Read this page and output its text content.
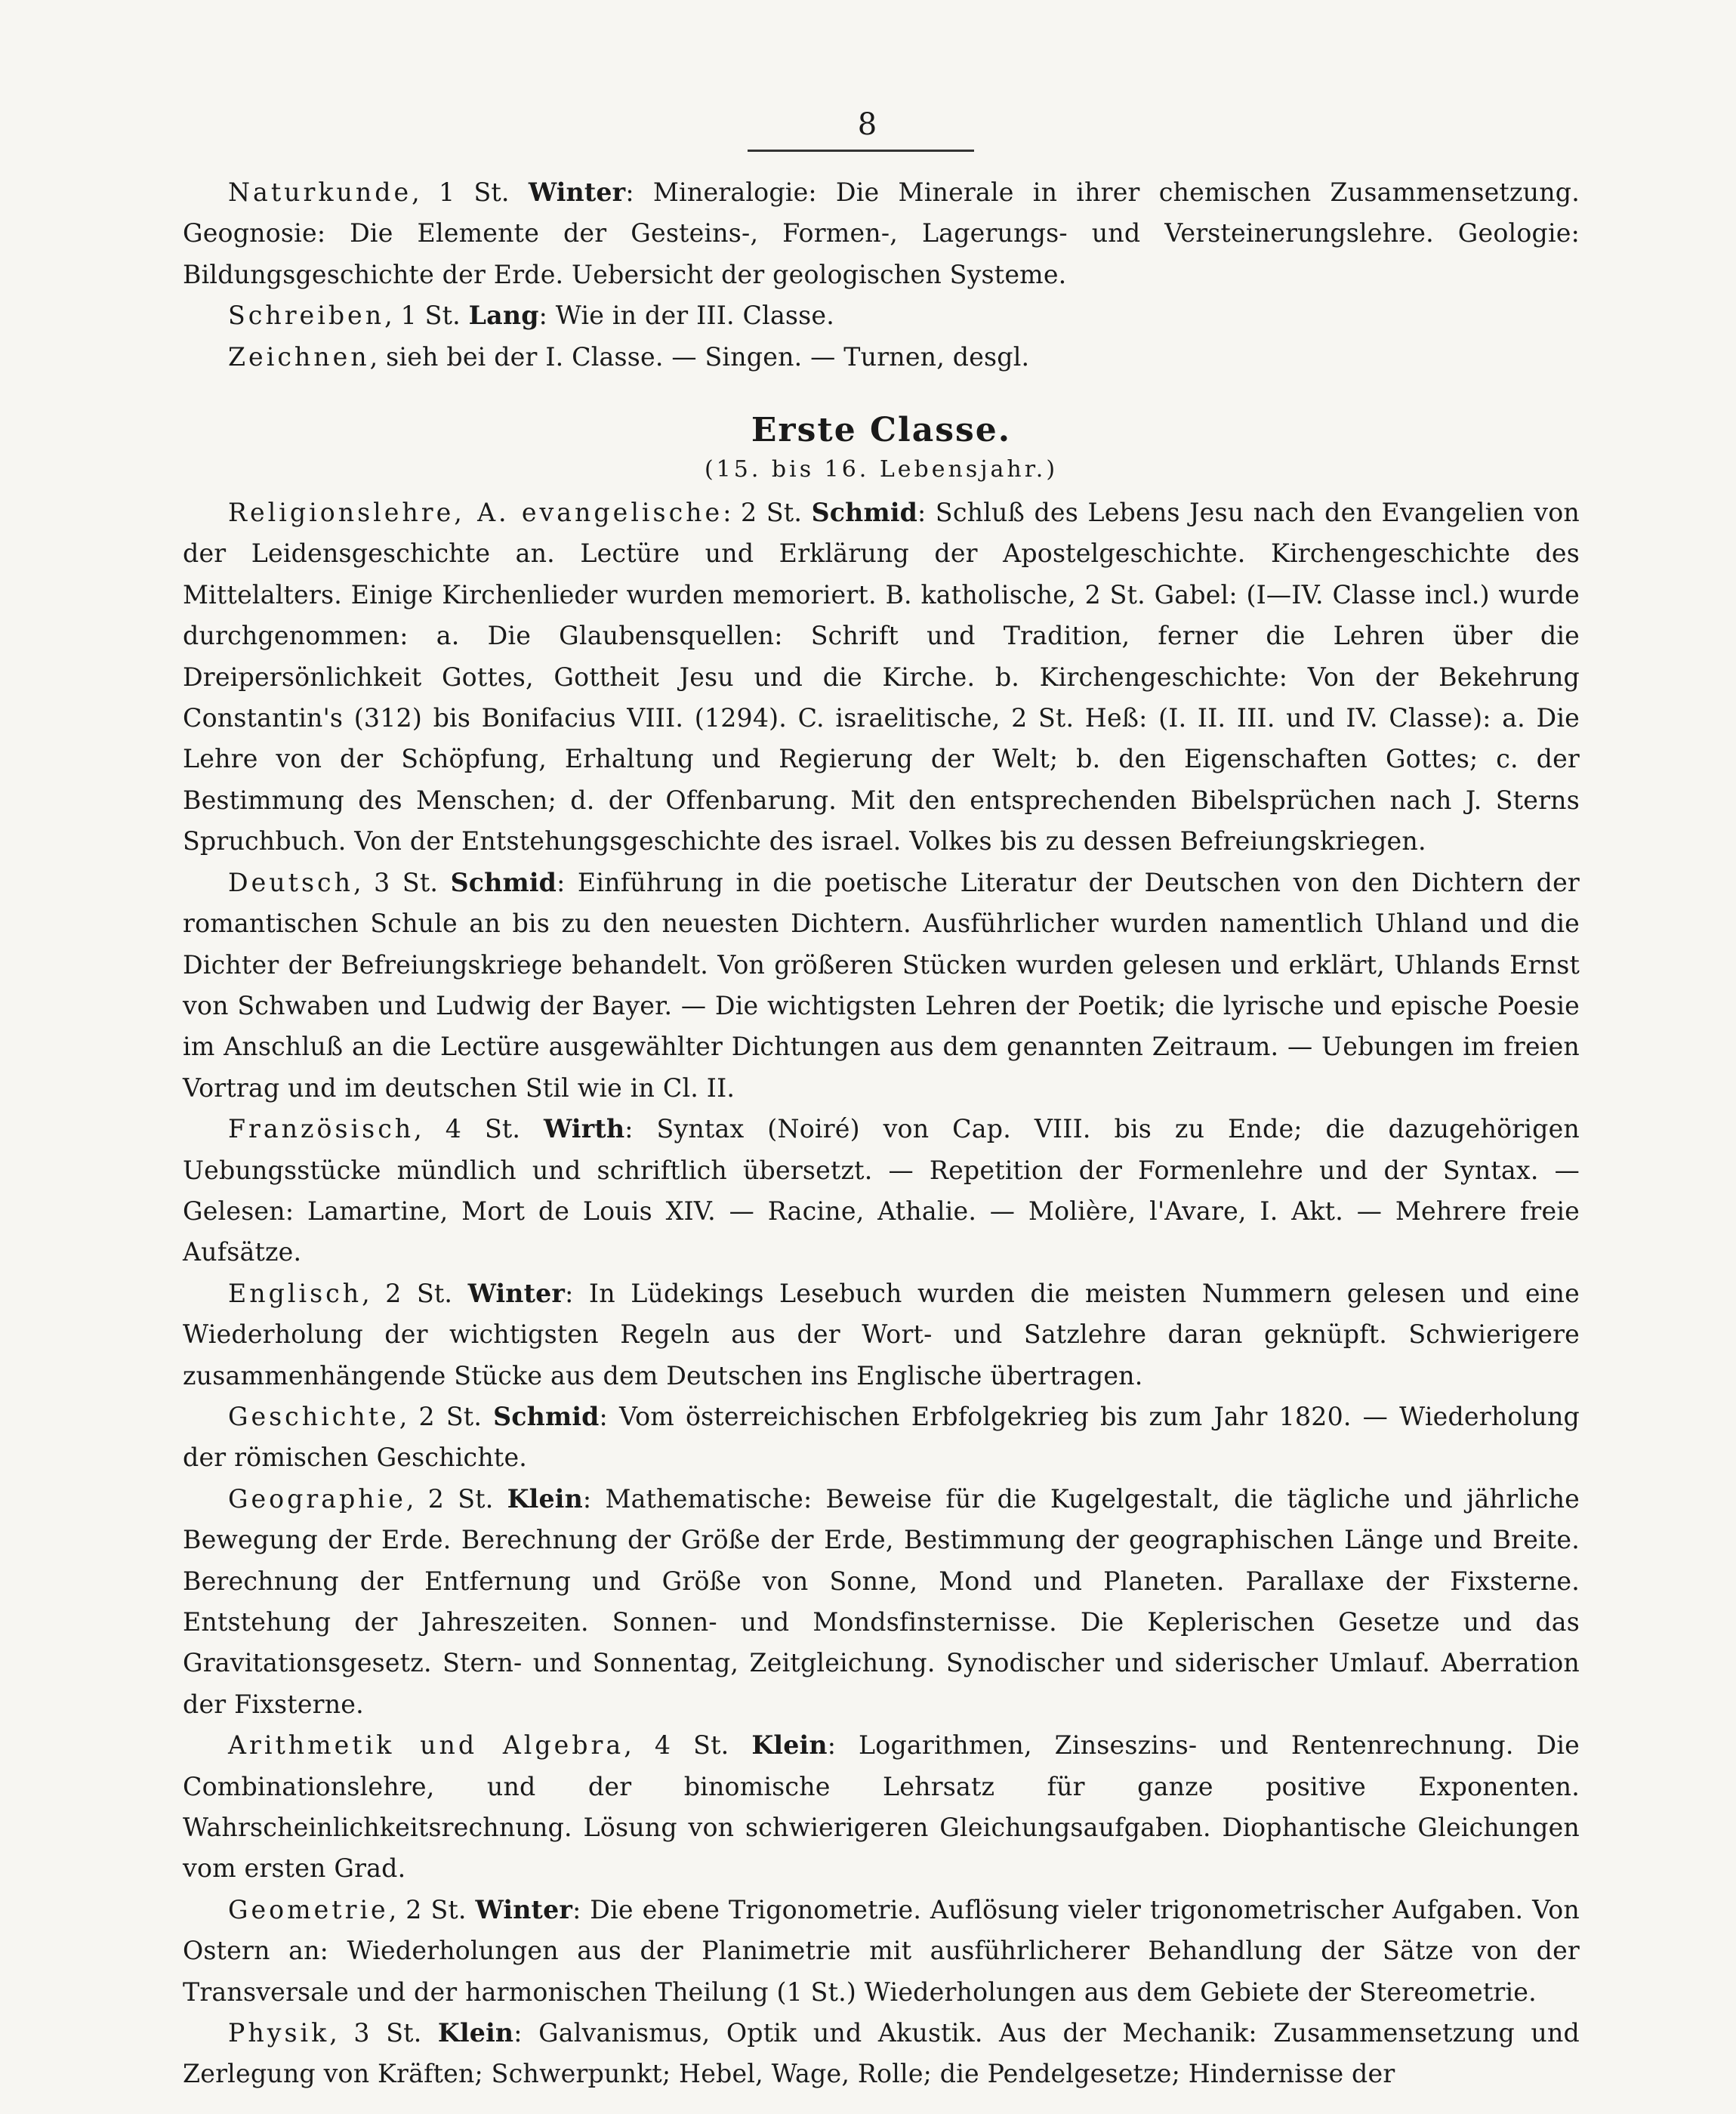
8

Naturkunde, 1 St. Winter: Mineralogie: Die Minerale in ihrer chemischen Zusammensetzung. Geognosie: Die Elemente der Gesteins-, Formen-, Lagerungs- und Versteinerungslehre. Geologie: Bildungsgeschichte der Erde. Uebersicht der geologischen Systeme.

Schreiben, 1 St. Lang: Wie in der III. Classe.

Zeichnen, sieh bei der I. Classe. — Singen. — Turnen, desgl.

Erste Classe.
(15. bis 16. Lebensjahr.)

Religionslehre, A. evangelische: 2 St. Schmid: Schluß des Lebens Jesu nach den Evangelien von der Leidensgeschichte an. Lectüre und Erklärung der Apostelgeschichte. Kirchengeschichte des Mittelalters. Einige Kirchenlieder wurden memoriert. B. katholische, 2 St. Gabel: (I—IV. Classe incl.) wurde durchgenommen: a. Die Glaubensquellen: Schrift und Tradition, ferner die Lehren über die Dreipersönlichkeit Gottes, Gottheit Jesu und die Kirche. b. Kirchengeschichte: Von der Bekehrung Constantin's (312) bis Bonifacius VIII. (1294). C. israelitische, 2 St. Heß: (I. II. III. und IV. Classe): a. Die Lehre von der Schöpfung, Erhaltung und Regierung der Welt; b. den Eigenschaften Gottes; c. der Bestimmung des Menschen; d. der Offenbarung. Mit den entsprechenden Bibelsprüchen nach J. Sterns Spruchbuch. Von der Entstehungsgeschichte des israel. Volkes bis zu dessen Befreiungskriegen.

Deutsch, 3 St. Schmid: Einführung in die poetische Literatur der Deutschen von den Dichtern der romantischen Schule an bis zu den neuesten Dichtern. Ausführlicher wurden namentlich Uhland und die Dichter der Befreiungskriege behandelt. Von größeren Stücken wurden gelesen und erklärt, Uhlands Ernst von Schwaben und Ludwig der Bayer. — Die wichtigsten Lehren der Poetik; die lyrische und epische Poesie im Anschluß an die Lectüre ausgewählter Dichtungen aus dem genannten Zeitraum. — Uebungen im freien Vortrag und im deutschen Stil wie in Cl. II.

Französisch, 4 St. Wirth: Syntax (Noiré) von Cap. VIII. bis zu Ende; die dazugehörigen Uebungsstücke mündlich und schriftlich übersetzt. — Repetition der Formenlehre und der Syntax. — Gelesen: Lamartine, Mort de Louis XIV. — Racine, Athalie. — Molière, l'Avare, I. Akt. — Mehrere freie Aufsätze.

Englisch, 2 St. Winter: In Lüdekings Lesebuch wurden die meisten Nummern gelesen und eine Wiederholung der wichtigsten Regeln aus der Wort- und Satzlehre daran geknüpft. Schwierigere zusammenhängende Stücke aus dem Deutschen ins Englische übertragen.

Geschichte, 2 St. Schmid: Vom österreichischen Erbfolgekrieg bis zum Jahr 1820. — Wiederholung der römischen Geschichte.

Geographie, 2 St. Klein: Mathematische: Beweise für die Kugelgestalt, die tägliche und jährliche Bewegung der Erde. Berechnung der Größe der Erde, Bestimmung der geographischen Länge und Breite. Berechnung der Entfernung und Größe von Sonne, Mond und Planeten. Parallaxe der Fixsterne. Entstehung der Jahreszeiten. Sonnen- und Mondsfinsternisse. Die Keplerischen Gesetze und das Gravitationsgesetz. Stern- und Sonnentag, Zeitgleichung. Synodischer und siderischer Umlauf. Aberration der Fixsterne.

Arithmetik und Algebra, 4 St. Klein: Logarithmen, Zinseszins- und Rentenrechnung. Die Combinationslehre, und der binomische Lehrsatz für ganze positive Exponenten. Wahrscheinlichkeitsrechnung. Lösung von schwierigeren Gleichungsaufgaben. Diophantische Gleichungen vom ersten Grad.

Geometrie, 2 St. Winter: Die ebene Trigonometrie. Auflösung vieler trigonometrischer Aufgaben. Von Ostern an: Wiederholungen aus der Planimetrie mit ausführlicherer Behandlung der Sätze von der Transversale und der harmonischen Theilung (1 St.) Wiederholungen aus dem Gebiete der Stereometrie.

Physik, 3 St. Klein: Galvanismus, Optik und Akustik. Aus der Mechanik: Zusammensetzung und Zerlegung von Kräften; Schwerpunkt; Hebel, Wage, Rolle; die Pendelgesetze; Hindernisse der
